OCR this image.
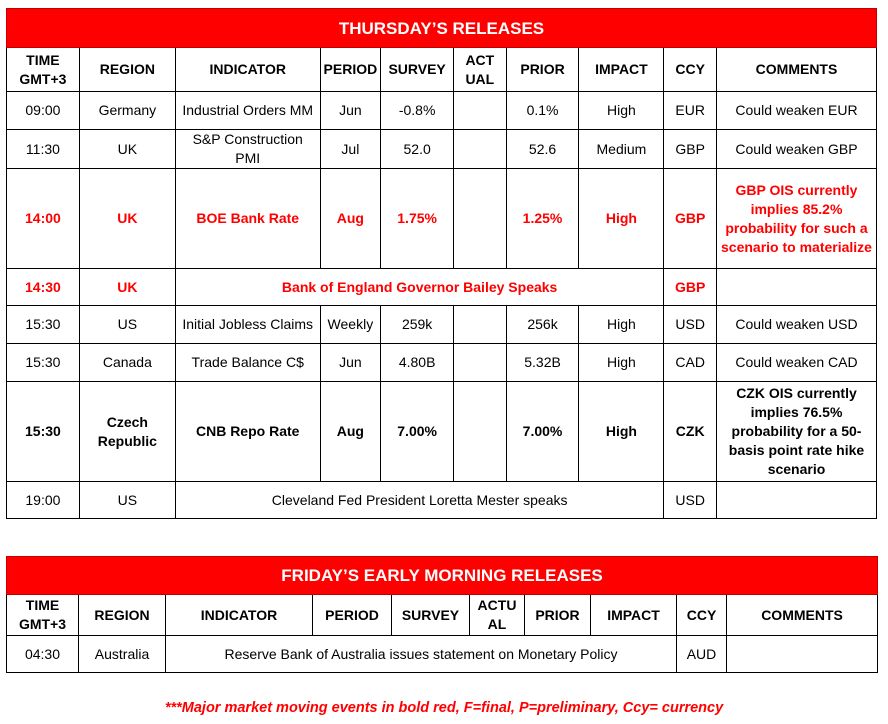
THURSDAY’S RELEASES									
TIME GMT+3	REGION	INDICATOR	PERIOD	SURVEY	ACT UAL	PRIOR	IMPACT	CCY	COMMENTS
09:00	Germany	Industrial Orders MM	Jun	-0.8%		0.1%	High	EUR	Could weaken EUR
11:30	UK	S&P Construction PMI	Jul	52.0		52.6	Medium	GBP	Could weaken GBP
14:00	UK	BOE Bank Rate	Aug	1.75%		1.25%	High	GBP	GBP OIS currently implies 85.2% probability for such a scenario to materialize
14:30	UK	Bank of England Governor Bailey Speaks						GBP	
15:30	US	Initial Jobless Claims	Weekly	259k		256k	High	USD	Could weaken USD
15:30	Canada	Trade Balance C$	Jun	4.80B		5.32B	High	CAD	Could weaken CAD
15:30	Czech Republic	CNB Repo Rate	Aug	7.00%		7.00%	High	CZK	CZK OIS currently implies 76.5% probability for a 50-basis point rate hike scenario
19:00	US	Cleveland Fed President Loretta Mester speaks						USD	
FRIDAY’S EARLY MORNING RELEASES									
TIME GMT+3	REGION	INDICATOR	PERIOD	SURVEY	ACTU AL	PRIOR	IMPACT	CCY	COMMENTS
04:30	Australia	Reserve Bank of Australia issues statement on Monetary Policy						AUD	
***Major market moving events in bold red, F=final, P=preliminary, Ccy= currency
